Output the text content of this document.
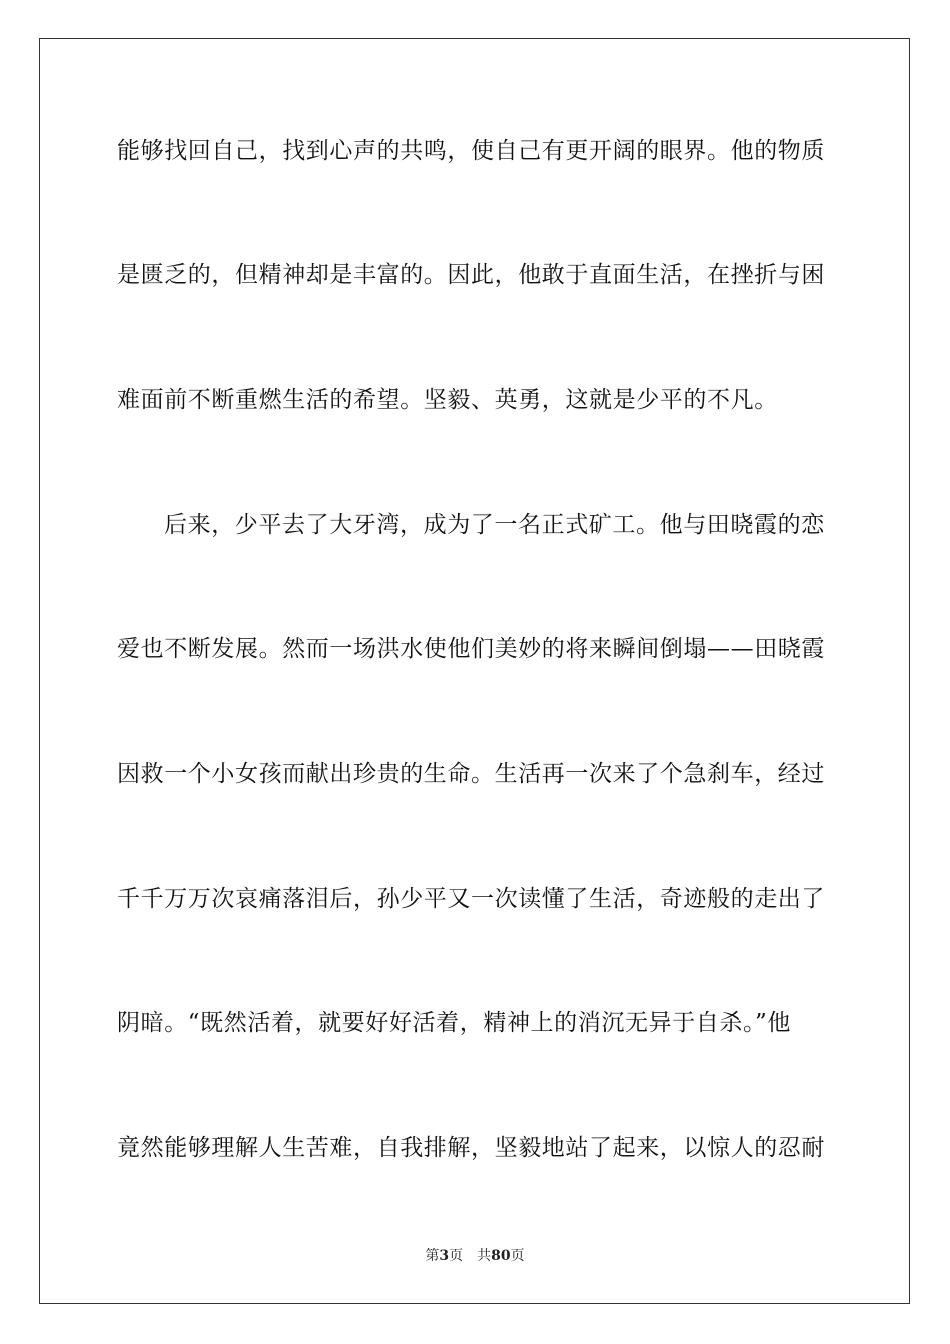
能够找回自己，找到心声的共鸣，使自己有更开阔的眼界。他的物质
是匮乏的，但精神却是丰富的。因此，他敢于直面生活，在挫折与困
难面前不断重燃生活的希望。坚毅、英勇，这就是少平的不凡。
后来，少平去了大牙湾，成为了一名正式矿工。他与田晓霞的恋
爱也不断发展。然而一场洪水使他们美妙的将来瞬间倒塌——田晓霞
因救一个小女孩而献出珍贵的生命。生活再一次来了个急刹车，经过
千千万万次哀痛落泪后，孙少平又一次读懂了生活，奇迹般的走出了
阴暗。“既然活着，就要好好活着，精神上的消沉无异于自杀。”他
竟然能够理解人生苦难，自我排解，坚毅地站了起来，以惊人的忍耐
第3页 共80页
